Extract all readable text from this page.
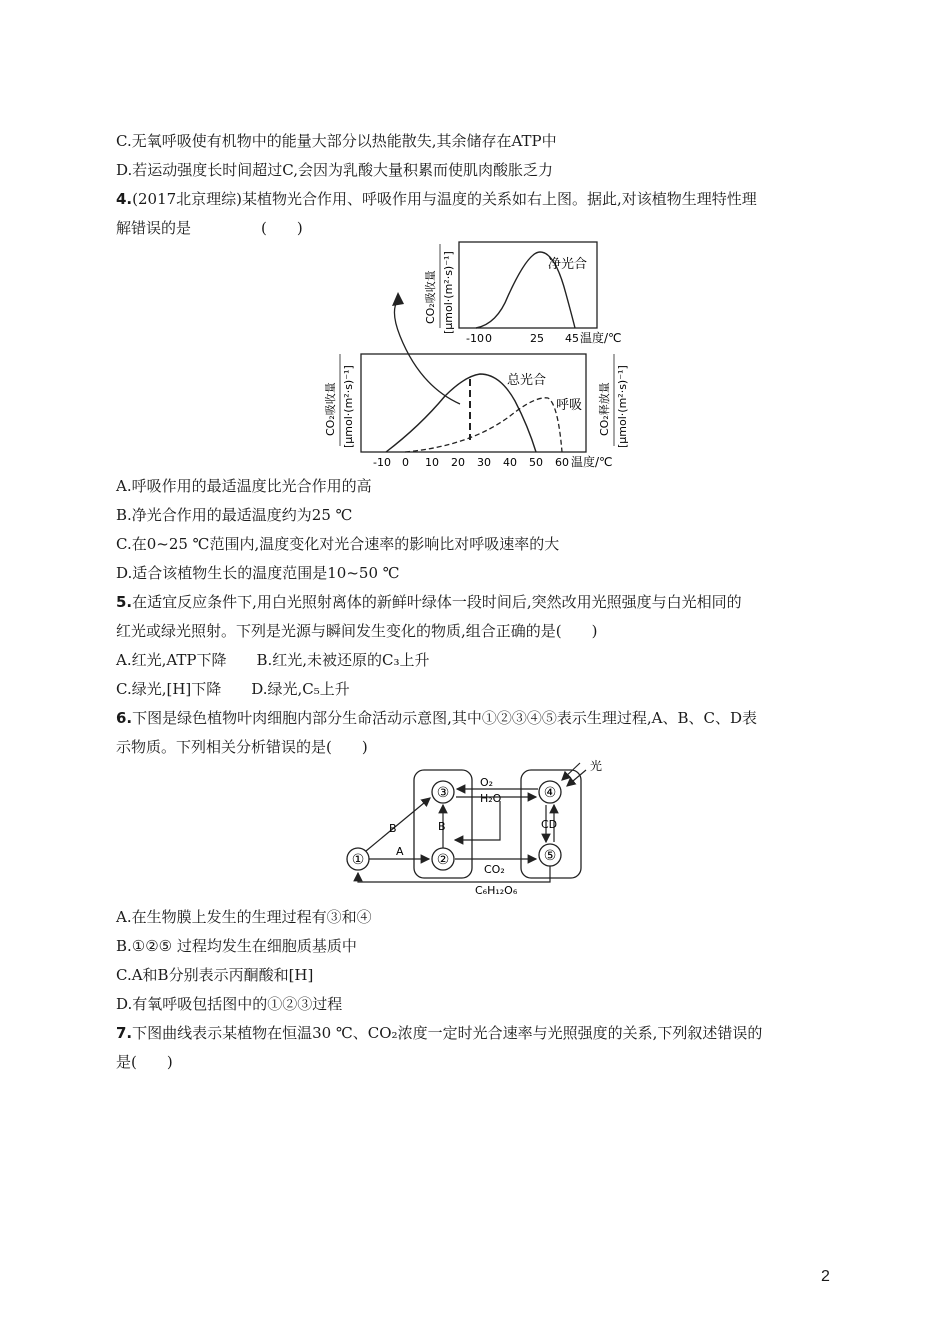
C.无氧呼吸使有机物中的能量大部分以热能散失,其余储存在ATP中
D.若运动强度长时间超过C,会因为乳酸大量积累而使肌肉酸胀乏力
4.(2017北京理综)某植物光合作用、呼吸作用与温度的关系如右上图。据此,对该植物生理特性理
解错误的是	(　　)
净光合
-10 0	25 45 温度/℃
CO₂吸收量 [μmol·(m²·s)⁻¹]
总光合
呼吸
-10 0 10 20 30 40 50 60 温度/℃
CO₂吸收量 [μmol·(m²·s)⁻¹]	CO₂释放量 [μmol·(m²·s)⁻¹]
A.呼吸作用的最适温度比光合作用的高
B.净光合作用的最适温度约为25 ℃
C.在0~25 ℃范围内,温度变化对光合速率的影响比对呼吸速率的大
D.适合该植物生长的温度范围是10~50 ℃
5.在适宜反应条件下,用白光照射离体的新鲜叶绿体一段时间后,突然改用光照强度与白光相同的
红光或绿光照射。下列是光源与瞬间发生变化的物质,组合正确的是(　　)
A.红光,ATP下降　　B.红光,未被还原的C₃上升
C.绿光,[H]下降　　D.绿光,C₅上升
6.下图是绿色植物叶肉细胞内部分生命活动示意图,其中①②③④⑤表示生理过程,A、B、C、D表
示物质。下列相关分析错误的是(　　)
①	②
③	④
⑤
A
B	B
O₂
H₂O
CO₂
CD
光
C₆H₁₂O₆
A.在生物膜上发生的生理过程有③和④
B.①②⑤ 过程均发生在细胞质基质中
C.A和B分别表示丙酮酸和[H]
D.有氧呼吸包括图中的①②③过程
7.下图曲线表示某植物在恒温30 ℃、CO₂浓度一定时光合速率与光照强度的关系,下列叙述错误的
是(　　)
2
